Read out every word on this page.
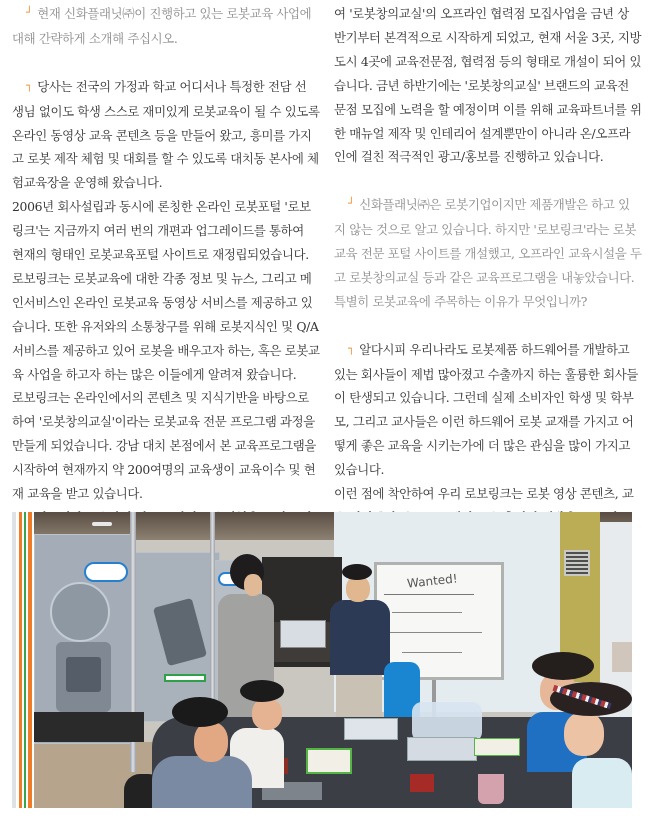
┘ 현재 신화플래닛㈜이 진행하고 있는 로봇교육 사업에
대해 간략하게 소개해 주십시오.
┐ 당사는 전국의 가정과 학교 어디서나 특정한 전담 선
생님 없이도 학생 스스로 재미있게 로봇교육이 될 수 있도록
온라인 동영상 교육 콘텐츠 등을 만들어 왔고, 흥미를 가지
고 로봇 제작 체험 및 대회를 할 수 있도록 대치동 본사에 체
험교육장을 운영해 왔습니다.
2006년 회사설립과 동시에 론칭한 온라인 로봇포털 '로보
링크'는 지금까지 여러 번의 개편과 업그레이드를 통하여
현재의 형태인 로봇교육포털 사이트로 재정립되었습니다.
로보링크는 로봇교육에 대한 각종 정보 및 뉴스, 그리고 메
인서비스인 온라인 로봇교육 동영상 서비스를 제공하고 있
습니다. 또한 유저와의 소통창구를 위해 로봇지식인 및 Q/A
서비스를 제공하고 있어 로봇을 배우고자 하는, 혹은 로봇교
육 사업을 하고자 하는 많은 이들에게 알려져 왔습니다.
로보링크는 온라인에서의 콘텐츠 및 지식기반을 바탕으로
하여 '로봇창의교실'이라는 로봇교육 전문 프로그램 과정을
만들게 되었습니다. 강남 대치 본점에서 본 교육프로그램을
시작하여 현재까지 약 200여명의 교육생이 교육이수 및 현
재 교육을 받고 있습니다.
여 '로봇창의교실'의 오프라인 협력점 모집사업을 금년 상
반기부터 본격적으로 시작하게 되었고, 현재 서울 3곳, 지방
도시 4곳에 교육전문점, 협력점 등의 형태로 개설이 되어 있
습니다. 금년 하반기에는 '로봇창의교실' 브랜드의 교육전
문점 모집에 노력을 할 예정이며 이를 위해 교육파트너를 위
한 매뉴얼 제작 및 인테리어 설계뿐만이 아니라 온/오프라
인에 걸친 적극적인 광고/홍보를 진행하고 있습니다.
┘ 신화플래닛㈜은 로봇기업이지만 제품개발은 하고 있
지 않는 것으로 알고 있습니다. 하지만 '로보링크'라는 로봇
교육 전문 포털 사이트를 개설했고, 오프라인 교육시설을 두
고 로봇창의교실 등과 같은 교육프로그램을 내놓았습니다.
특별히 로봇교육에 주목하는 이유가 무엇입니까?
┐ 알다시피 우리나라도 로봇제품 하드웨어를 개발하고
있는 회사들이 제법 많아졌고 수출까지 하는 훌륭한 회사들
이 탄생되고 있습니다. 그런데 실제 소비자인 학생 및 학부
모, 그리고 교사들은 이런 하드웨어 로봇 교재를 가지고 어
떻게 좋은 교육을 시키는가에 더 많은 관심을 많이 가지고
있습니다.
이런 점에 착안하여 우리 로보링크는 로봇 영상 콘텐츠, 교
Wanted!
